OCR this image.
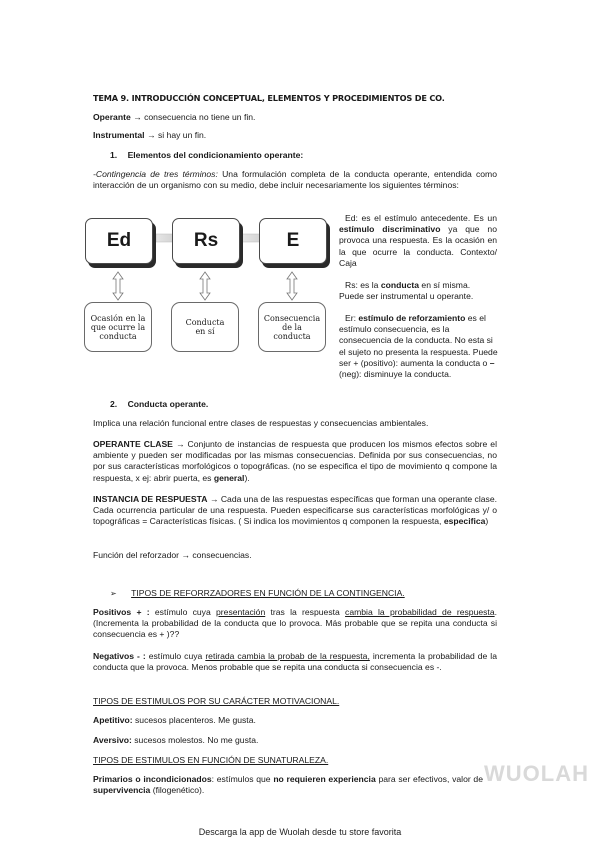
TEMA 9. INTRODUCCIÓN CONCEPTUAL, ELEMENTOS Y PROCEDIMIENTOS DE CO.
Operante → consecuencia no tiene un fin.
Instrumental → si hay un fin.
1. Elementos del condicionamiento operante:
-Contingencia de tres términos: Una formulación completa de la conducta operante, entendida como interacción de un organismo con su medio, debe incluir necesariamente los siguientes términos:
Ed	Rs	E
Ocasión en la
que ocurre la
conducta
Conducta
en sí
Consecuencia
de la
conducta
Ed: es el estímulo antecedente. Es un estímulo discriminativo ya que no provoca una respuesta. Es la ocasión en la que ocurre la conducta. Contexto/ Caja
Rs: es la conducta en sí misma. Puede ser instrumental u operante.
Er: estímulo de reforzamiento es el estímulo consecuencia, es la consecuencia de la conducta. No esta si el sujeto no presenta la respuesta. Puede ser + (positivo): aumenta la conducta o – (neg): disminuye la conducta.
2. Conducta operante.
Implica una relación funcional entre clases de respuestas y consecuencias ambientales.
OPERANTE CLASE → Conjunto de instancias de respuesta que producen los mismos efectos sobre el ambiente y pueden ser modificadas por las mismas consecuencias. Definida por sus consecuencias, no por sus características morfológicos o topográficas. (no se especifica el tipo de movimiento q compone la respuesta, x ej: abrir puerta, es general).
INSTANCIA DE RESPUESTA → Cada una de las respuestas específicas que forman una operante clase. Cada ocurrencia particular de una respuesta. Pueden especificarse sus características morfológicas y/ o topográficas = Características físicas. ( Si indica los movimientos q componen la respuesta, especifica)
Función del reforzador → consecuencias.
➢ TIPOS DE REFORRZADORES EN FUNCIÓN DE LA CONTINGENCIA.
Positivos + : estímulo cuya presentación tras la respuesta cambia la probabilidad de respuesta. (Incrementa la probabilidad de la conducta que lo provoca. Más probable que se repita una conducta si consecuencia es + )??
Negativos - : estímulo cuya retirada cambia la probab de la respuesta, incrementa la probabilidad de la conducta que la provoca. Menos probable que se repita una conducta si consecuencia es -.
TIPOS DE ESTIMULOS POR SU CARÁCTER MOTIVACIONAL.
Apetitivo: sucesos placenteros. Me gusta.
Aversivo: sucesos molestos. No me gusta.
TIPOS DE ESTIMULOS EN FUNCIÓN DE SUNATURALEZA.
Primarios o incondicionados: estímulos que no requieren experiencia para ser efectivos, valor de supervivencia (filogenético).
WUOLAH
Descarga la app de Wuolah desde tu store favorita
